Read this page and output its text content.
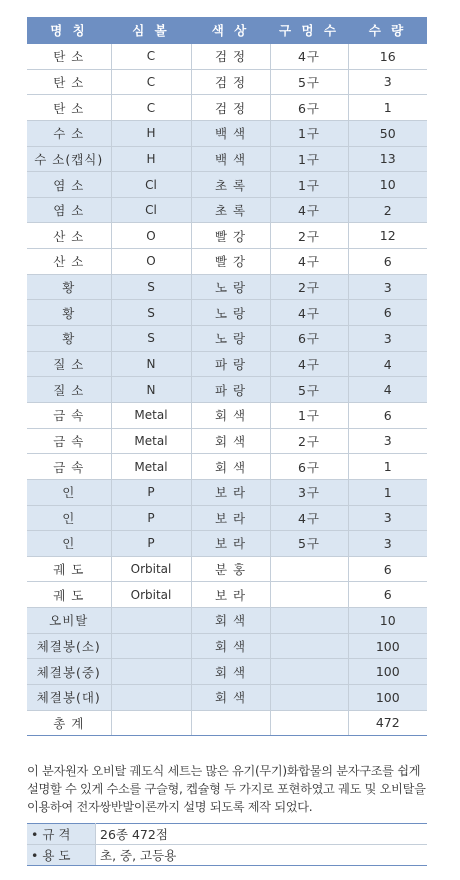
명 칭	심 볼	색 상	구 멍 수	수 량
탄 소	C	검 정	4구	16
탄 소	C	검 정	5구	3
탄 소	C	검 정	6구	1
수 소	H	백 색	1구	50
수 소(캡식)	H	백 색	1구	13
염 소	Cl	초 록	1구	10
염 소	Cl	초 록	4구	2
산 소	O	빨 강	2구	12
산 소	O	빨 강	4구	6
황	S	노 랑	2구	3
황	S	노 랑	4구	6
황	S	노 랑	6구	3
질 소	N	파 랑	4구	4
질 소	N	파 랑	5구	4
금 속	Metal	회 색	1구	6
금 속	Metal	회 색	2구	3
금 속	Metal	회 색	6구	1
인	P	보 라	3구	1
인	P	보 라	4구	3
인	P	보 라	5구	3
궤 도	Orbital	분 홍		6
궤 도	Orbital	보 라		6
오비탈		회 색		10
체결봉(소)		회 색		100
체결봉(중)		회 색		100
체결봉(대)		회 색		100
총 계				472
이 분자원자 오비탈 궤도식 세트는 많은 유기(무기)화합물의 분자구조를 쉽게 설명할 수 있게 수소를 구슬형, 켑슐형 두 가지로 포현하였고 궤도 및 오비탈을 이용하여 전자쌍반발이론까지 설명 되도록 제작 되었다.
• 규 격	26종 472점
• 용 도	초, 중, 고등용
